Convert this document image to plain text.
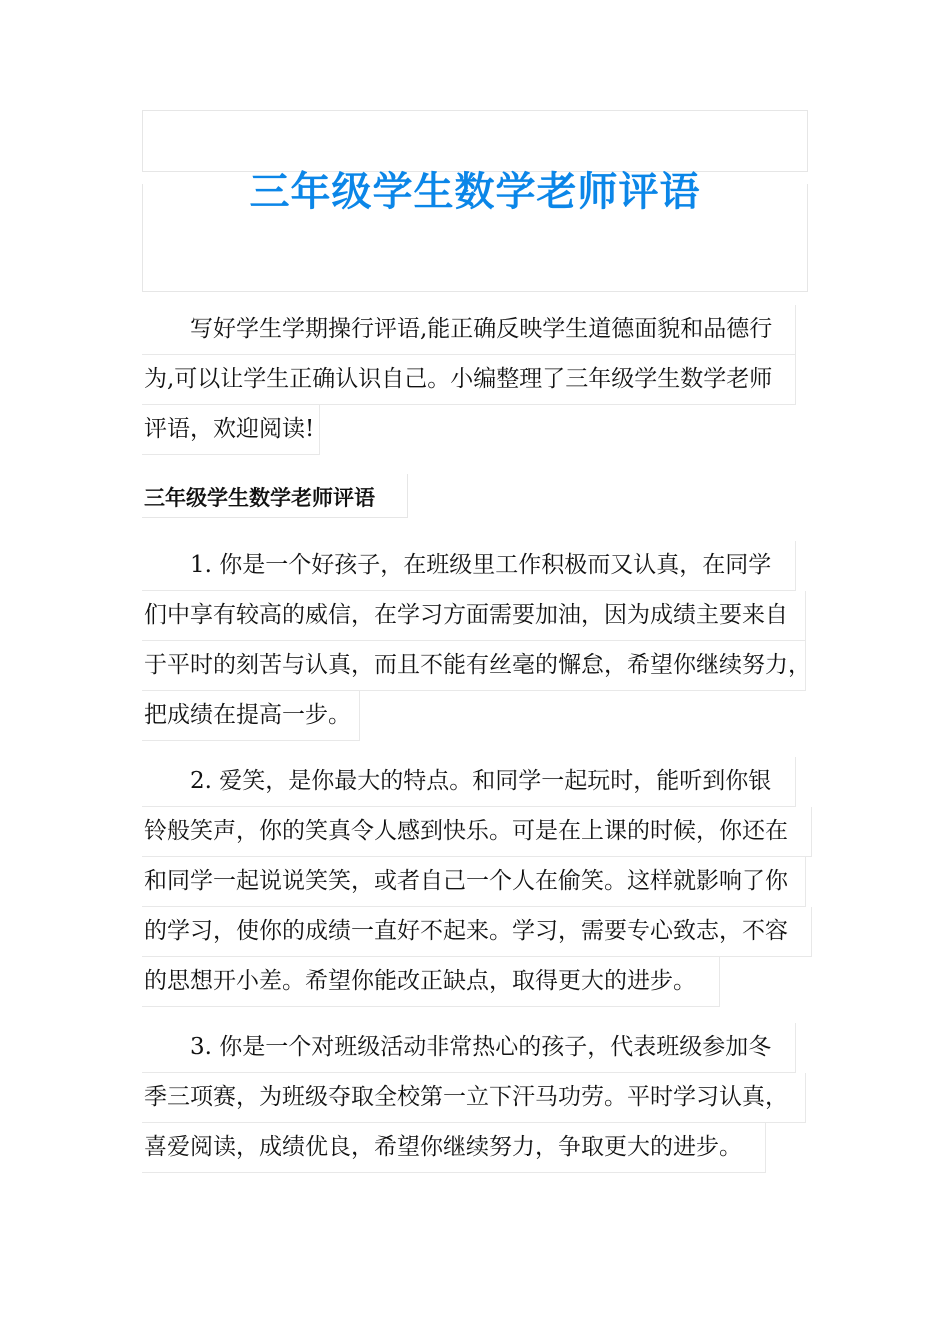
三年级学生数学老师评语
写好学生学期操行评语,能正确反映学生道德面貌和品德行
为,可以让学生正确认识自己。小编整理了三年级学生数学老师
评语，欢迎阅读!
三年级学生数学老师评语
1. 你是一个好孩子，在班级里工作积极而又认真，在同学
们中享有较高的威信，在学习方面需要加油，因为成绩主要来自
于平时的刻苦与认真，而且不能有丝毫的懈怠，希望你继续努力，
把成绩在提高一步。
2. 爱笑，是你最大的特点。和同学一起玩时，能听到你银
铃般笑声，你的笑真令人感到快乐。可是在上课的时候，你还在
和同学一起说说笑笑，或者自己一个人在偷笑。这样就影响了你
的学习，使你的成绩一直好不起来。学习，需要专心致志，不容
的思想开小差。希望你能改正缺点，取得更大的进步。
3. 你是一个对班级活动非常热心的孩子，代表班级参加冬
季三项赛，为班级夺取全校第一立下汗马功劳。平时学习认真，
喜爱阅读，成绩优良，希望你继续努力，争取更大的进步。
